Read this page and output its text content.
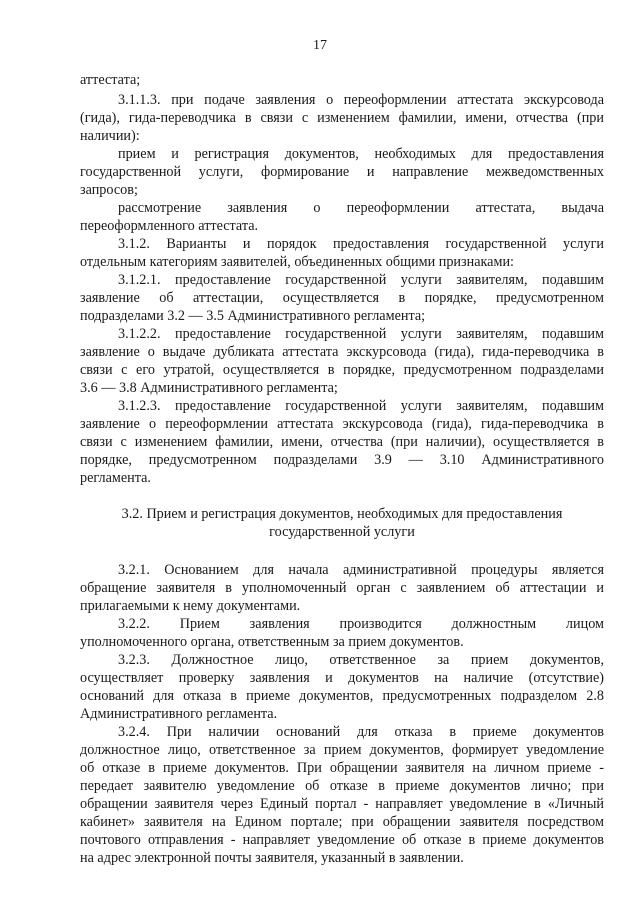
17

аттестата;

3.1.1.3. при подаче заявления о переоформлении аттестата экскурсовода

(гида), гида-переводчика в связи с изменением фамилии, имени, отчества (при

наличии):

прием и регистрация документов, необходимых для предоставления

государственной услуги, формирование и направление межведомственных

запросов;

рассмотрение заявления о переоформлении аттестата, выдача

переоформленного аттестата.

3.1.2. Варианты и порядок предоставления государственной услуги

отдельным категориям заявителей, объединенных общими признаками:

3.1.2.1. предоставление государственной услуги заявителям, подавшим

заявление об аттестации, осуществляется в порядке, предусмотренном

подразделами 3.2 — 3.5 Административного регламента;

3.1.2.2. предоставление государственной услуги заявителям, подавшим

заявление о выдаче дубликата аттестата экскурсовода (гида), гида-переводчика в

связи с его утратой, осуществляется в порядке, предусмотренном подразделами

3.6 — 3.8 Административного регламента;

3.1.2.3. предоставление государственной услуги заявителям, подавшим

заявление о переоформлении аттестата экскурсовода (гида), гида-переводчика в

связи с изменением фамилии, имени, отчества (при наличии), осуществляется в

порядке, предусмотренном подразделами 3.9 — 3.10 Административного

регламента.

3.2. Прием и регистрация документов, необходимых для предоставления

государственной услуги

3.2.1. Основанием для начала административной процедуры является

обращение заявителя в уполномоченный орган с заявлением об аттестации и

прилагаемыми к нему документами.

3.2.2. Прием заявления производится должностным лицом

уполномоченного органа, ответственным за прием документов.

3.2.3. Должностное лицо, ответственное за прием документов,

осуществляет проверку заявления и документов на наличие (отсутствие)

оснований для отказа в приеме документов, предусмотренных подразделом 2.8

Административного регламента.

3.2.4. При наличии оснований для отказа в приеме документов

должностное лицо, ответственное за прием документов, формирует уведомление

об отказе в приеме документов. При обращении заявителя на личном приеме -

передает заявителю уведомление об отказе в приеме документов лично; при

обращении заявителя через Единый портал - направляет уведомление в «Личный

кабинет» заявителя на Едином портале; при обращении заявителя посредством

почтового отправления - направляет уведомление об отказе в приеме документов

на адрес электронной почты заявителя, указанный в заявлении.
